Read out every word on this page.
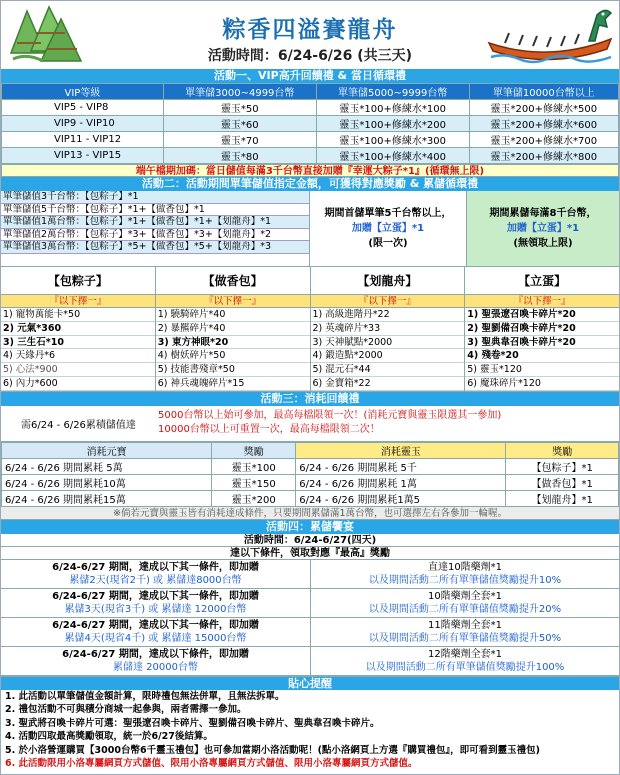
粽香四溢賽龍舟
活動時間：6/24-6/26 (共三天)
活動一、VIP高升回饋禮 & 當日循環禮
VIP等級	單筆儲3000~4999台幣	單筆儲5000~9999台幣	單筆儲10000台幣以上
VIP5 - VIP8	靈玉*50	靈玉*100+修練水*100	靈玉*200+修練水*500
VIP9 - VIP10	靈玉*60	靈玉*100+修練水*200	靈玉*200+修練水*600
VIP11 - VIP12	靈玉*70	靈玉*100+修練水*300	靈玉*200+修練水*700
VIP13 - VIP15	靈玉*80	靈玉*100+修練水*400	靈玉*200+修練水*800
端午檔期加碼：當日儲值每滿3千台幣直接加贈『幸運大粽子*1』(循環無上限)
活動二：活動期間單筆儲值指定金額，可獲得對應獎勵 & 累儲循環禮
單筆儲值3千台幣：【包粽子】*1
單筆儲值5千台幣：【包粽子】*1+【做香包】*1
單筆儲值1萬台幣：【包粽子】*1+【做香包】*1+【划龍舟】*1
單筆儲值2萬台幣：【包粽子】*3+【做香包】*3+【划龍舟】*2
單筆儲值3萬台幣：【包粽子】*5+【做香包】*5+【划龍舟】*3
期間首儲單筆5千台幣以上，
加贈【立蛋】*1
(限一次)
期間累儲每滿8千台幣，
加贈【立蛋】*1
(無領取上限)
【包粽子】
『以下擇一』
1) 寵物萬能卡*50
2) 元氣*360
3) 三生石*10
4) 天緣丹*6
5) 心法*900
6) 內力*600
【做香包】
『以下擇一』
1) 驍騎碎片*40
2) 暴羆碎片*40
3) 東方神眼*20
4) 樹妖碎片*50
5) 技能書殘章*50
6) 神兵魂魄碎片*15
【划龍舟】
『以下擇一』
1) 高級進階丹*22
2) 英魂碎片*33
3) 天神賦點*2000
4) 鍛造點*2000
5) 混元石*44
6) 金寶箱*22
【立蛋】
『以下擇一』
1) 聖張遼召喚卡碎片*20
2) 聖劉備召喚卡碎片*20
3) 聖典韋召喚卡碎片*20
4) 殘卷*20
5) 靈玉*120
6) 魔珠碎片*120
活動三：消耗回饋禮
需6/24 - 6/26累積儲值達
5000台幣以上始可參加，最高每檔限領一次！(消耗元寶與靈玉限選其一參加)
10000台幣以上可重置一次，最高每檔限領二次！
消耗元寶	獎勵	消耗靈玉	獎勵
6/24 - 6/26 期間累耗 5萬	靈玉*100	6/24 - 6/26 期間累耗 5千	【包粽子】*1
6/24 - 6/26 期間累耗10萬	靈玉*150	6/24 - 6/26 期間累耗 1萬	【做香包】*1
6/24 - 6/26 期間累耗15萬	靈玉*200	6/24 - 6/26 期間累耗1萬5	【划龍舟】*1
※倘若元寶與靈玉皆有消耗達成條件，只要期間累儲滿1萬台幣，也可選擇左右各參加一輪喔。
活動四：累儲饗宴
活動時間：6/24-6/27(四天)
達以下條件，領取對應『最高』獎勵
6/24-6/27 期間，達成以下其一條件，即加贈
累儲2天(現省2千) 或 累儲達8000台幣
直達10階藥劑*1
以及期間活動二所有單筆儲值獎勵提升10%
6/24-6/27 期間，達成以下其一條件，即加贈
累儲3天(現省3千) 或 累儲達 12000台幣
10階藥劑全套*1
以及期間活動二所有單筆儲值獎勵提升20%
6/24-6/27 期間，達成以下其一條件，即加贈
累儲4天(現省4千) 或 累儲達 15000台幣
11階藥劑全套*1
以及期間活動二所有單筆儲值獎勵提升50%
6/24-6/27 期間，達成以下條件，即加贈
累儲達 20000台幣
12階藥劑全套*1
以及期間活動二所有單筆儲值獎勵提升100%
貼心提醒
1. 此活動以單筆儲值金額計算，限時禮包無法併單，且無法拆單。
2. 禮包活動不可與積分商城一起參與，兩者需擇一參加。
3. 聖武將召喚卡碎片可選：聖張遼召喚卡碎片、聖劉備召喚卡碎片、聖典韋召喚卡碎片。
4. 活動四取最高獎勵領取，統一於6/27後結算。
5. 於小洛營運購買【3000台幣6千靈玉禮包】也可參加當期小洛活動呢！(點小洛網頁上方選『購買禮包』，即可看到靈玉禮包)
6. 此活動限用小洛專屬網頁方式儲值、限用小洛專屬網頁方式儲值、限用小洛專屬網頁方式儲值。
